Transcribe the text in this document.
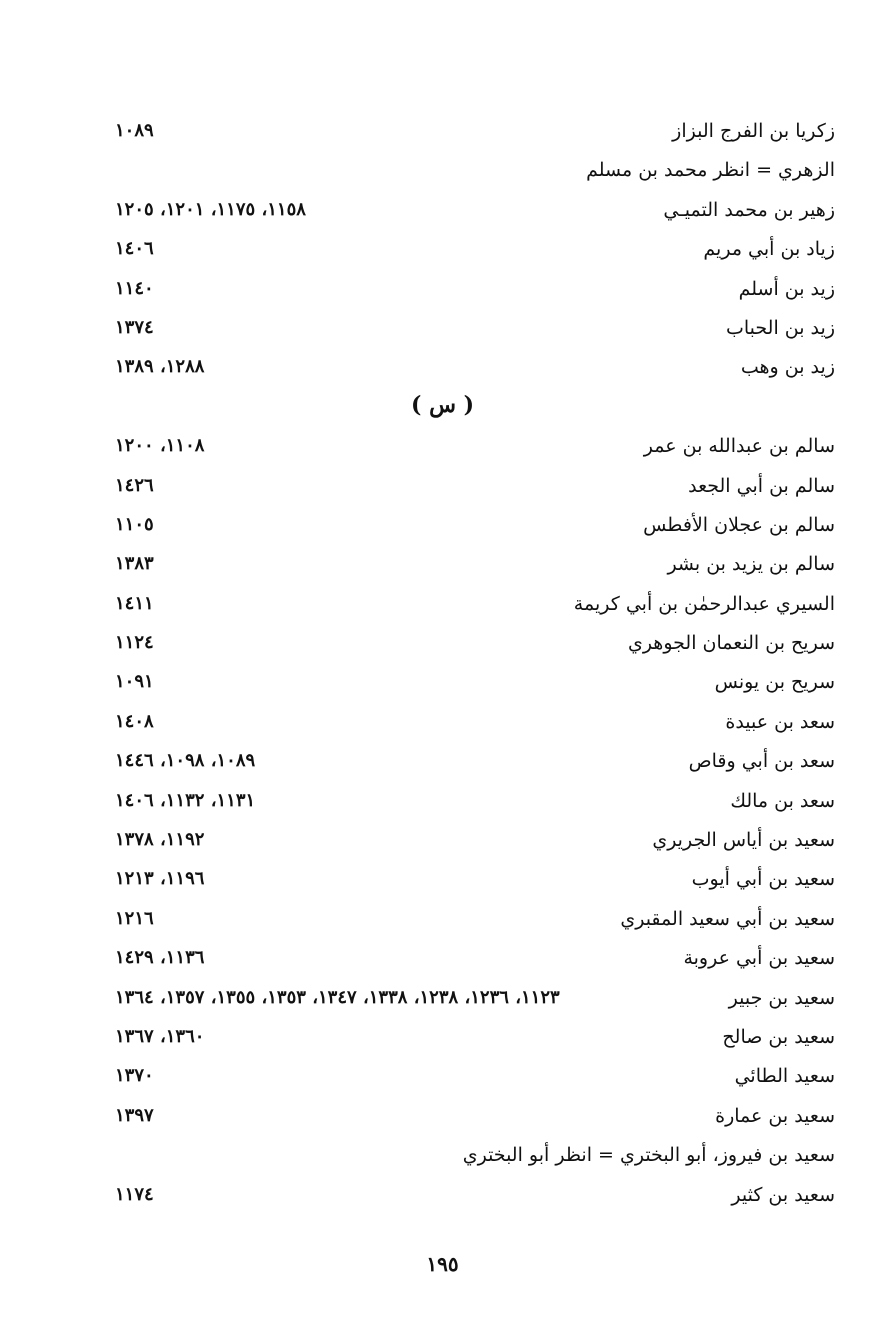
زكريا بن الفرج البزاز
١٠٨٩
الزهري = انظر محمد بن مسلم
زهير بن محمد التميـي
١١٥٨، ١١٧٥، ١٢٠١، ١٢٠٥
زياد بن أبي مريم
١٤٠٦
زيد بن أسلم
١١٤٠
زيد بن الحباب
١٣٧٤
زيد بن وهب
١٢٨٨، ١٣٨٩
( س )
سالم بن عبدالله بن عمر
١١٠٨، ١٢٠٠
سالم بن أبي الجعد
١٤٢٦
سالم بن عجلان الأفطس
١١٠٥
سالم بن يزيد بن بشر
١٣٨٣
السيري عبدالرحمٰن بن أبي كريمة
١٤١١
سريح بن النعمان الجوهري
١١٢٤
سريح بن يونس
١٠٩١
سعد بن عبيدة
١٤٠٨
سعد بن أبي وقاص
١٠٨٩، ١٠٩٨، ١٤٤٦
سعد بن مالك
١١٣١، ١١٣٢، ١٤٠٦
سعيد بن أياس الجريري
١١٩٢، ١٣٧٨
سعيد بن أبي أيوب
١١٩٦، ١٢١٣
سعيد بن أبي سعيد المقبري
١٢١٦
سعيد بن أبي عروبة
١١٣٦، ١٤٢٩
سعيد بن جبير
١١٢٣، ١٢٣٦، ١٢٣٨، ١٣٣٨، ١٣٤٧، ١٣٥٣، ١٣٥٥، ١٣٥٧، ١٣٦٤
سعيد بن صالح
١٣٦٠، ١٣٦٧
سعيد الطائي
١٣٧٠
سعيد بن عمارة
١٣٩٧
سعيد بن فيروز، أبو البختري = انظر أبو البختري
سعيد بن كثير
١١٧٤
١٩٥
